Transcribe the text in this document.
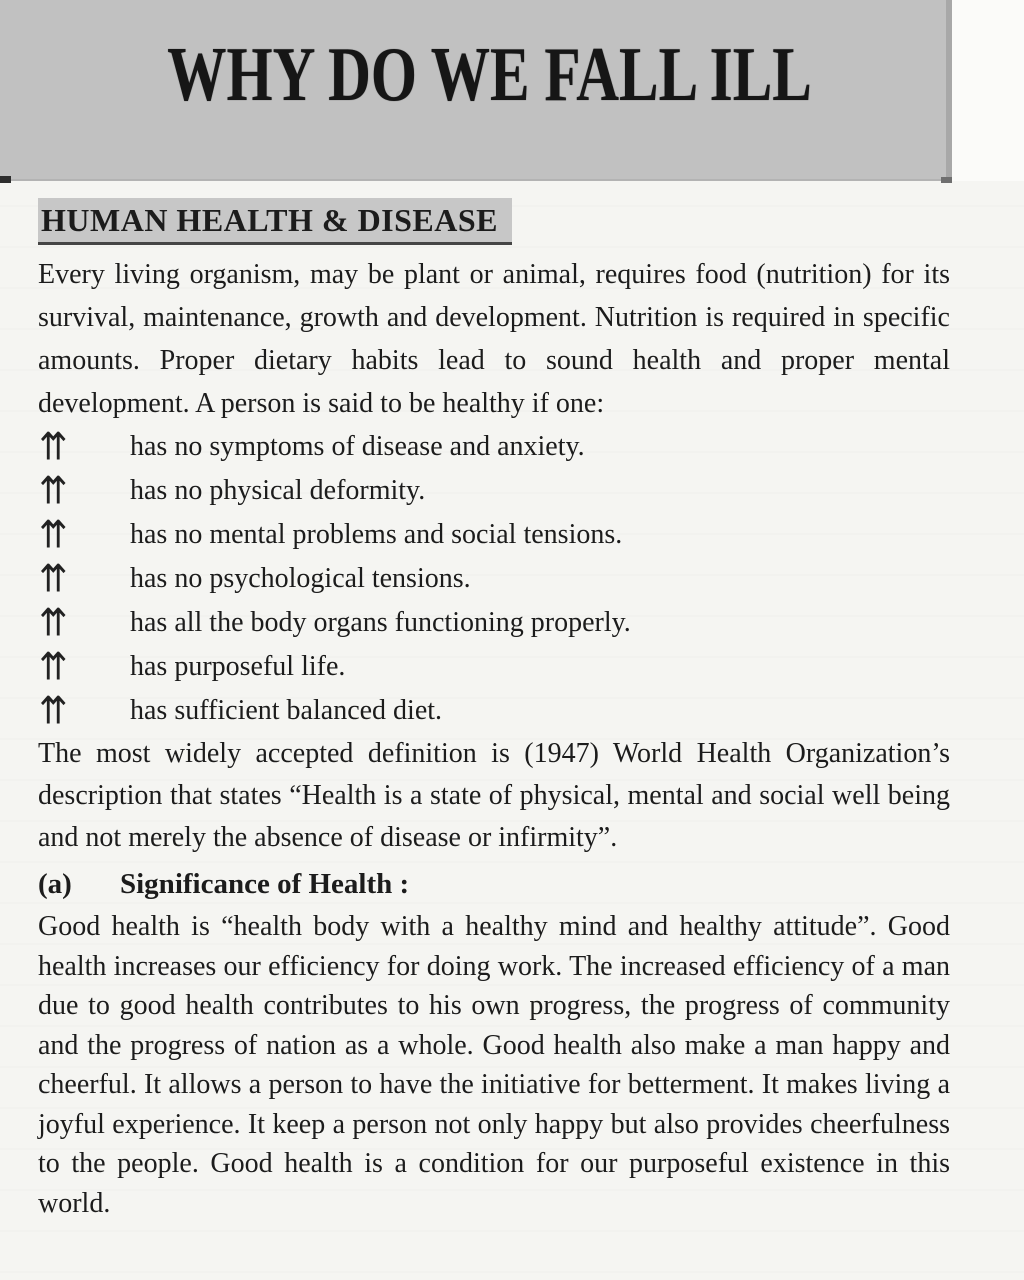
WHY DO WE FALL ILL
HUMAN HEALTH & DISEASE

Every living organism, may be plant or animal, requires food (nutrition) for its survival, maintenance, growth and development. Nutrition is required in specific amounts. Proper dietary habits lead to sound health and proper mental development. A person is said to be healthy if one:

⇈ has no symptoms of disease and anxiety.
⇈ has no physical deformity.
⇈ has no mental problems and social tensions.
⇈ has no psychological tensions.
⇈ has all the body organs functioning properly.
⇈ has purposeful life.
⇈ has sufficient balanced diet.

The most widely accepted definition is (1947) World Health Organization’s description that states “Health is a state of physical, mental and social well being and not merely the absence of disease or infirmity”.

(a) Significance of Health :

Good health is “health body with a healthy mind and healthy attitude”. Good health increases our efficiency for doing work. The increased efficiency of a man due to good health contributes to his own progress, the progress of community and the progress of nation as a whole. Good health also make a man happy and cheerful. It allows a person to have the initiative for betterment. It makes living a joyful experience. It keep a person not only happy but also provides cheerfulness to the people. Good health is a condition for our purposeful existence in this world.
